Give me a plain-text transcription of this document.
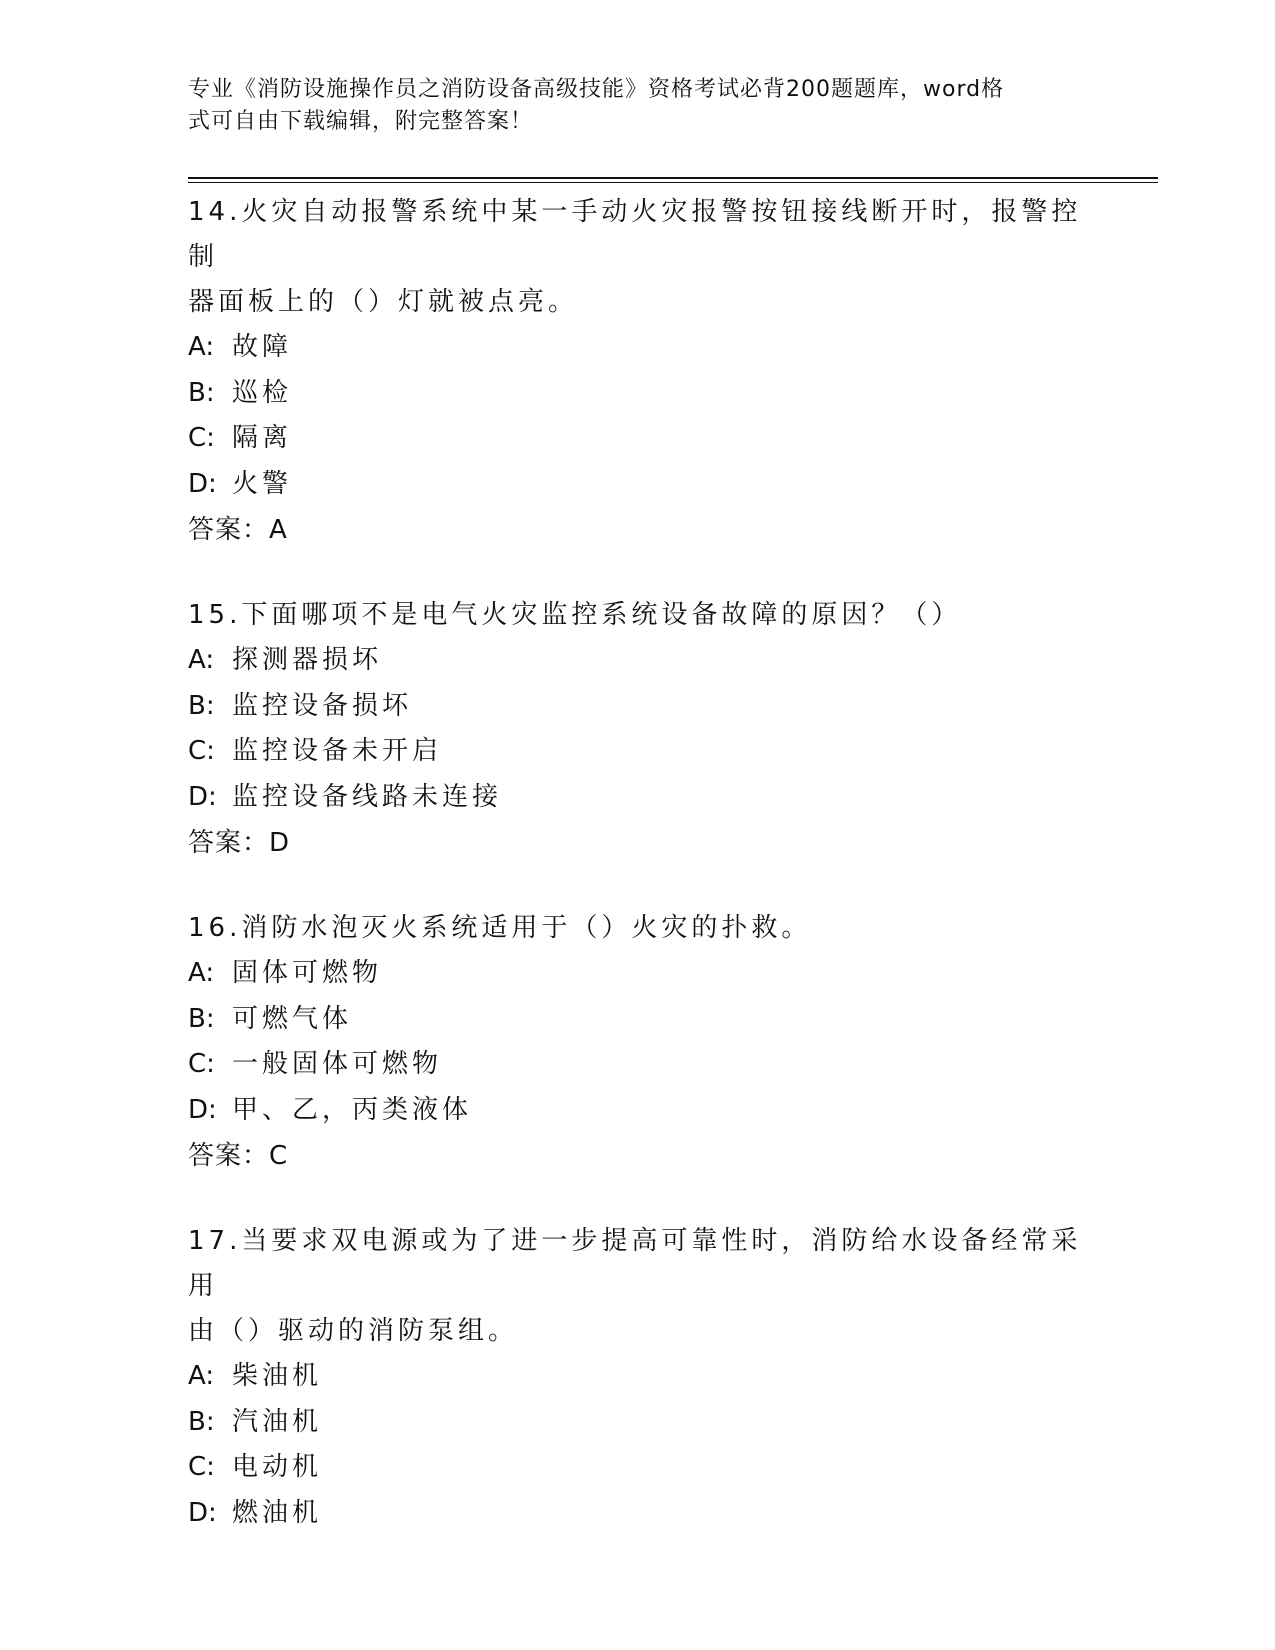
专业《消防设施操作员之消防设备高级技能》资格考试必背200题题库，word格
式可自由下载编辑，附完整答案！

14.火灾自动报警系统中某一手动火灾报警按钮接线断开时，报警控制

器面板上的（）灯就被点亮。

A: 故障

B: 巡检

C: 隔离

D: 火警

答案：A

15.下面哪项不是电气火灾监控系统设备故障的原因？（）

A: 探测器损坏

B: 监控设备损坏

C: 监控设备未开启

D: 监控设备线路未连接

答案：D

16.消防水泡灭火系统适用于（）火灾的扑救。

A: 固体可燃物

B: 可燃气体

C: 一般固体可燃物

D: 甲、乙，丙类液体

答案：C

17.当要求双电源或为了进一步提高可靠性时，消防给水设备经常采用

由（）驱动的消防泵组。

A: 柴油机

B: 汽油机

C: 电动机

D: 燃油机
